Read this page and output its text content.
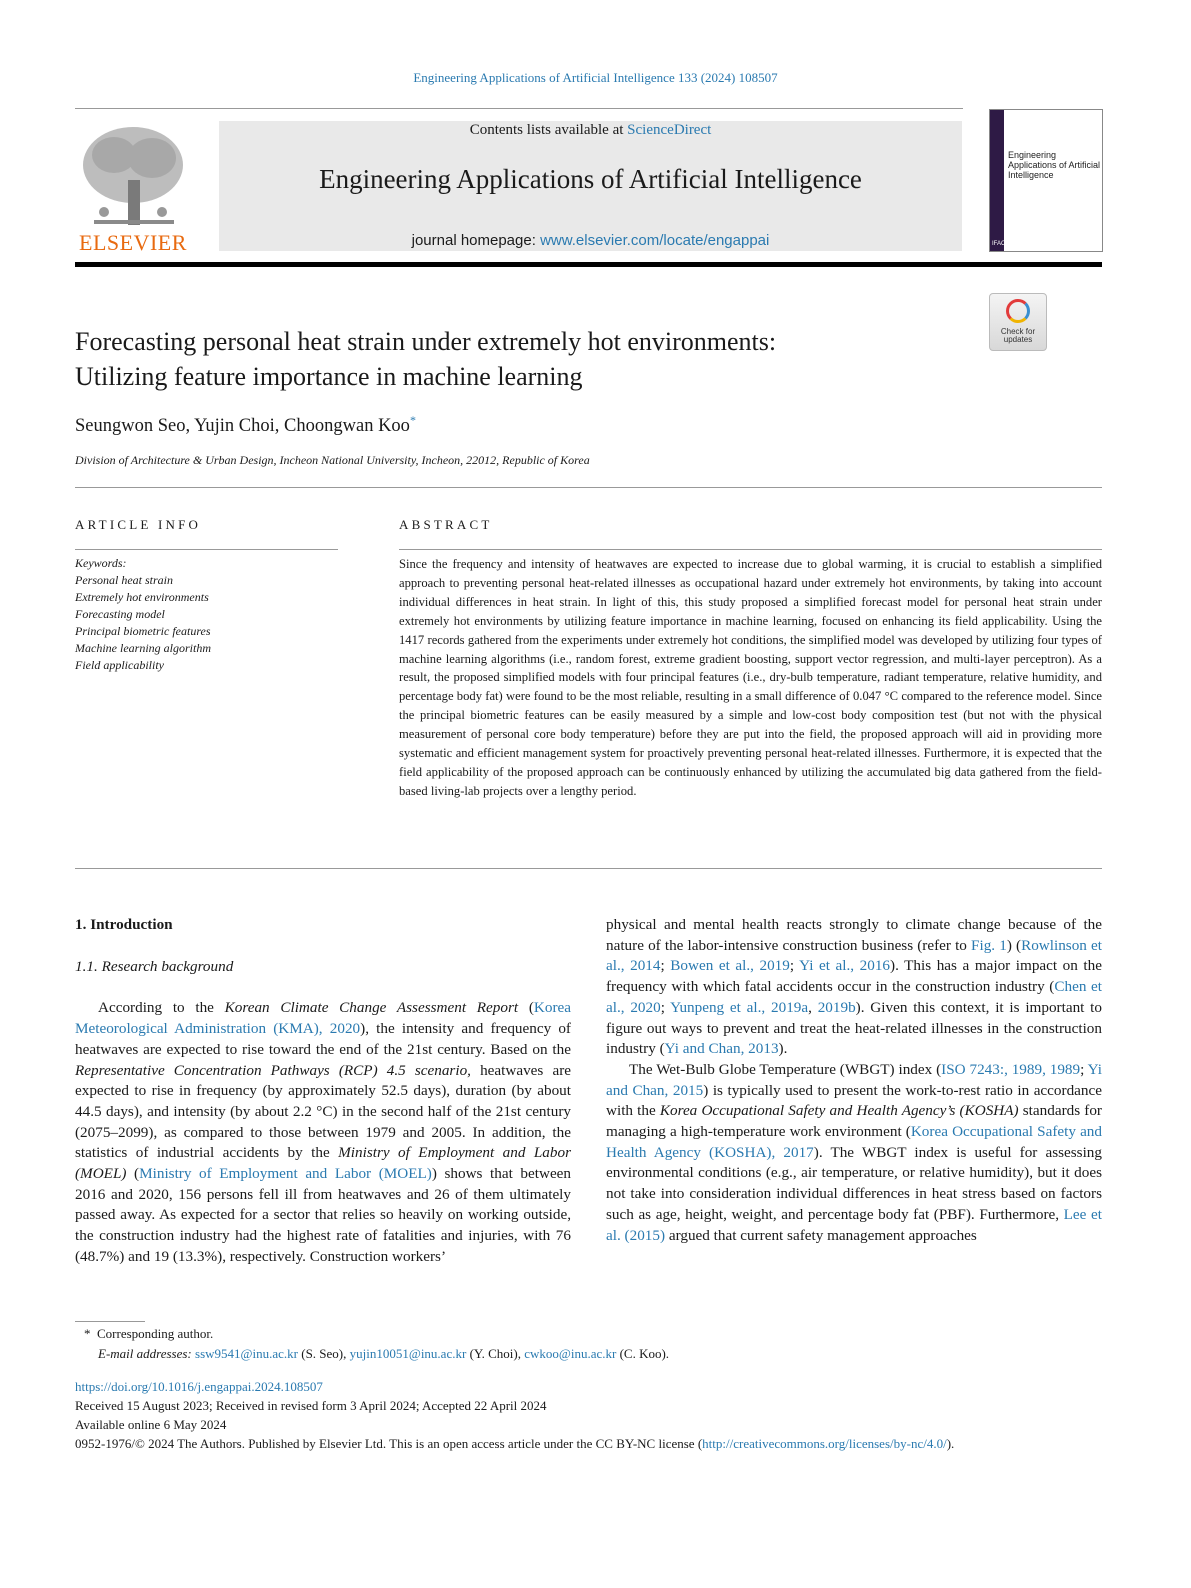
Engineering Applications of Artificial Intelligence 133 (2024) 108507
ELSEVIER
Contents lists available at ScienceDirect
Engineering Applications of Artificial Intelligence
journal homepage: www.elsevier.com/locate/engappai
Engineering Applications of Artificial Intelligence
IFAC
Check for updates
Forecasting personal heat strain under extremely hot environments:
Utilizing feature importance in machine learning
Seungwon Seo, Yujin Choi, Choongwan Koo*
Division of Architecture & Urban Design, Incheon National University, Incheon, 22012, Republic of Korea
ARTICLE INFO	ABSTRACT
Keywords:
Personal heat strain
Extremely hot environments
Forecasting model
Principal biometric features
Machine learning algorithm
Field applicability
Since the frequency and intensity of heatwaves are expected to increase due to global warming, it is crucial to establish a simplified approach to preventing personal heat-related illnesses as occupational hazard under extremely hot environments, by taking into account individual differences in heat strain. In light of this, this study proposed a simplified forecast model for personal heat strain under extremely hot environments by utilizing feature importance in machine learning, focused on enhancing its field applicability. Using the 1417 records gathered from the experiments under extremely hot conditions, the simplified model was developed by utilizing four types of machine learning algorithms (i.e., random forest, extreme gradient boosting, support vector regression, and multi-layer perceptron). As a result, the proposed simplified models with four principal features (i.e., dry-bulb temperature, radiant temperature, relative humidity, and percentage body fat) were found to be the most reliable, resulting in a small difference of 0.047 °C compared to the reference model. Since the principal biometric features can be easily measured by a simple and low-cost body composition test (but not with the physical measurement of personal core body temperature) before they are put into the field, the proposed approach will aid in providing more systematic and efficient management system for proactively preventing personal heat-related illnesses. Furthermore, it is expected that the field applicability of the proposed approach can be continuously enhanced by utilizing the accumulated big data gathered from the field-based living-lab projects over a lengthy period.
1. Introduction
1.1. Research background

According to the Korean Climate Change Assessment Report (Korea Meteorological Administration (KMA), 2020), the intensity and frequency of heatwaves are expected to rise toward the end of the 21st century. Based on the Representative Concentration Pathways (RCP) 4.5 scenario, heatwaves are expected to rise in frequency (by approximately 52.5 days), duration (by about 44.5 days), and intensity (by about 2.2 °C) in the second half of the 21st century (2075–2099), as compared to those between 1979 and 2005. In addition, the statistics of industrial accidents by the Ministry of Employment and Labor (MOEL) (Ministry of Employment and Labor (MOEL)) shows that between 2016 and 2020, 156 persons fell ill from heatwaves and 26 of them ultimately passed away. As expected for a sector that relies so heavily on working outside, the construction industry had the highest rate of fatalities and injuries, with 76 (48.7%) and 19 (13.3%), respectively. Construction workers’

physical and mental health reacts strongly to climate change because of the nature of the labor-intensive construction business (refer to Fig. 1) (Rowlinson et al., 2014; Bowen et al., 2019; Yi et al., 2016). This has a major impact on the frequency with which fatal accidents occur in the construction industry (Chen et al., 2020; Yunpeng et al., 2019a, 2019b). Given this context, it is important to figure out ways to prevent and treat the heat-related illnesses in the construction industry (Yi and Chan, 2013).

The Wet-Bulb Globe Temperature (WBGT) index (ISO 7243:, 1989, 1989; Yi and Chan, 2015) is typically used to present the work-to-rest ratio in accordance with the Korea Occupational Safety and Health Agency’s (KOSHA) standards for managing a high-temperature work environment (Korea Occupational Safety and Health Agency (KOSHA), 2017). The WBGT index is useful for assessing environmental conditions (e.g., air temperature, or relative humidity), but it does not take into consideration individual differences in heat stress based on factors such as age, height, weight, and percentage body fat (PBF). Furthermore, Lee et al. (2015) argued that current safety management approaches

* Corresponding author.
E-mail addresses: ssw9541@inu.ac.kr (S. Seo), yujin10051@inu.ac.kr (Y. Choi), cwkoo@inu.ac.kr (C. Koo).
https://doi.org/10.1016/j.engappai.2024.108507
Received 15 August 2023; Received in revised form 3 April 2024; Accepted 22 April 2024
Available online 6 May 2024
0952-1976/© 2024 The Authors. Published by Elsevier Ltd. This is an open access article under the CC BY-NC license (http://creativecommons.org/licenses/by-nc/4.0/).
